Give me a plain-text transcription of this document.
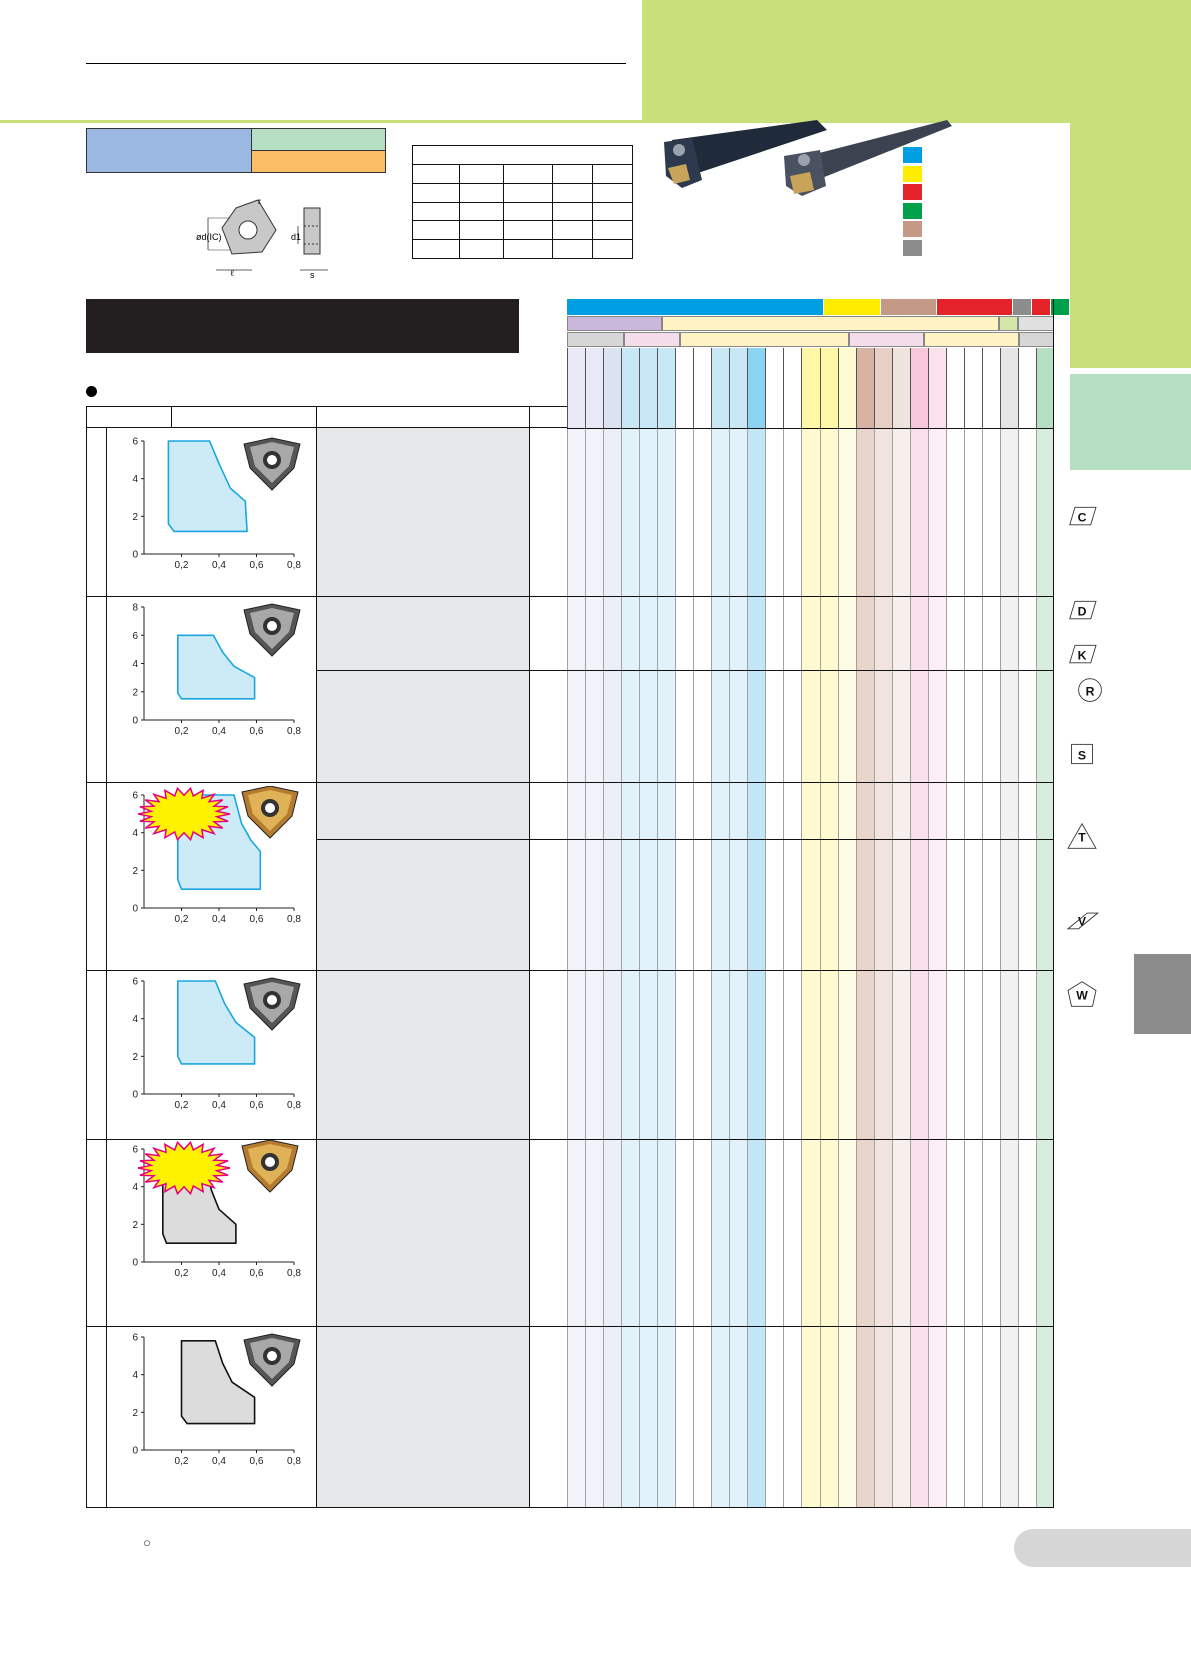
r
ød(IC)
ℓ
d1
s
0
2
4
6
0,2 0,4 0,6 0,8
0
2
4
6
8
0,2 0,4 0,6 0,8
0
2
4
6
0,2 0,4 0,6 0,8
0
2
4
6
0,2 0,4 0,6 0,8
0
2
4
6
0,2 0,4 0,6 0,8
0
2
4
6
0,2 0,4 0,6 0,8
○
C
D
K
R
S
T
V
W
